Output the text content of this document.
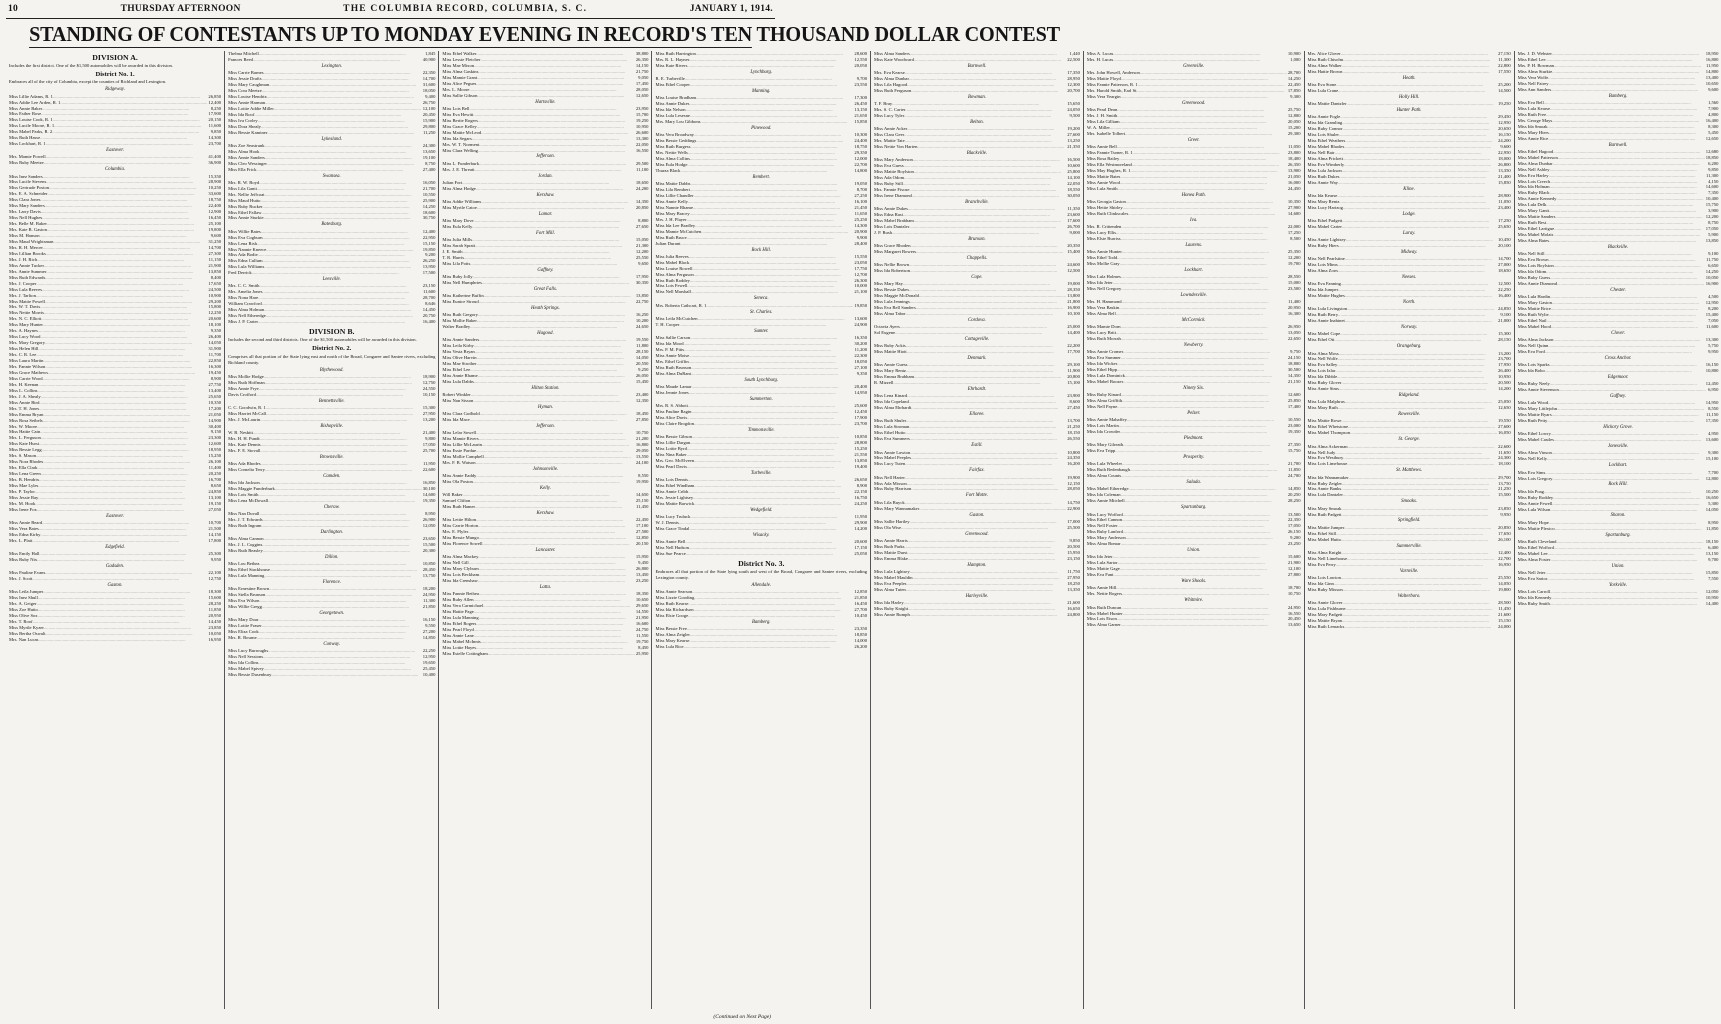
10	THURSDAY AFTERNOON	THE COLUMBIA RECORD, COLUMBIA, S. C.	JANUARY 1, 1914.
STANDING OF CONTESTANTS UP TO MONDAY EVENING IN RECORD'S TEN THOUSAND DOLLAR CONTEST
DIVISION A.
Includes the first district. One of the $1,500 automobiles will be awarded in this division.
District No. 1.
Embraces all of the city of Columbia, except the counties of Richland and Lexington.
Ridgeway.
Miss Lillie Adams, R. 1
.....	26,850
Miss Addie Lee Arden, R. 1
.....	12,400
Miss Annie Baker
.....	8,250
Miss Esther Rose
.....	17,900
Miss Louise Cook, R. 1
.....	20,150
Miss Lucile Moore, R. 1
.....	11,600
Miss Mabel Parks, R. 2
.....	9,850
Miss Ruth Hasse
.....	14,300
Miss Lockhart, R. 1
.....	23,700
Eastover.
Mrs. Mamie Powell
.....	41,400
Miss Ruby Meetze
.....	36,900
Columbia.
Miss Inez Sanders
.....	15,350
Miss Lucile Stevens
.....	28,900
Miss Gertrude Poston
.....	10,250
Mrs. E. A. Schneider
.....	33,600
Miss Clara Jones
.....	18,750
Miss Mary Sanders
.....	22,400
Mrs. Larry Davis
.....	12,900
Miss Nell Hughes
.....	16,450
Mrs. Belle M. Baker
.....	25,100
Mrs. Kate B. Gaston
.....	19,800
Miss M. Hanson
.....	9,600
Miss Maud Wrightsman
.....	31,250
Mrs. R. H. Mercer
.....	14,700
Miss Lillian Brooks
.....	27,300
Mrs. J. H. Rich
.....	11,150
Miss Annie Tucker
.....	21,900
Mrs. Annie Summer
.....	13,850
Miss Ruth Edwards
.....	8,400
Mrs. J. Cooper
.....	17,650
Miss Lula Reeves
.....	24,500
Mrs. J. Tarlton
.....	10,900
Miss Mattie Powell
.....	29,200
Mrs. W. T. Davis
.....	15,800
Miss Nettie Morris
.....	12,250
Mrs. N. C. Elliott
.....	20,600
Miss Mary Hunter
.....	18,100
Mrs. A. Haynes
.....	9,350
Miss Lucy Wood
.....	26,400
Mrs. Mary Gregory
.....	14,050
Miss Helen Hill
.....	31,900
Mrs. C. R. Lee
.....	11,700
Miss Laura Martin
.....	22,850
Mrs. Fannie Wilson
.....	16,300
Miss Grace Mathews
.....	19,450
Miss Carrie Wood
.....	8,900
Mrs. H. Keenan
.....	27,750
Miss L. Collins
.....	13,400
Mrs. J. A. Shealy
.....	25,650
Miss Annie Bird
.....	10,350
Mrs. T. H. Jones
.....	17,200
Miss Emma Bryan
.....	21,050
Miss Rosa Seibels
.....	14,900
Mrs. W. Moore
.....	30,400
Miss Hattie Cain
.....	9,150
Mrs. L. Ferguson
.....	23,300
Miss Kate Hurst
.....	12,600
Miss Bessie Legg
.....	18,950
Mrs. S. Mason
.....	15,250
Miss Nora Rhodes
.....	26,100
Mrs. Ella Clark
.....	11,400
Miss Lena Green
.....	20,250
Mrs. B. Hendrix
.....	16,700
Miss Mae Lyles
.....	8,650
Mrs. P. Taylor
.....	24,850
Miss Jessie Ray
.....	13,100
Mrs. M. Hook
.....	19,150
Miss Irene Fox
.....	27,050
Eastover.
Miss Annie Beard
.....	10,700
Miss Vera Bates
.....	21,500
Miss Edna Kirby
.....	14,150
Mrs. L. Platt
.....	17,800
Edgefield.
Miss Emily Hall
.....	25,300
Miss Ruby Nix
.....	9,950
Gadsden.
Miss Pauline Evans
.....	22,100
Mrs. J. Scott
.....	12,750
Gaston.
Miss Leila Jumper
.....	18,300
Miss Inez Shull
.....	15,600
Mrs. A. Geiger
.....	28,250
Miss Zoe Hutto
.....	11,850
Miss Olive Sox
.....	20,950
Mrs. T. Roof
.....	14,450
Miss Myrtle Kyzer
.....	23,850
Miss Bertha Oswalt
.....	10,050
Mrs. Nan Lucas
.....	16,950
Thelma Mitchell
.....	1,845
Frances Reed
.....	40,900
Lexington.
Miss Carrie Barnes
.....	22,350
Miss Jessie Drafts
.....	14,700
Miss Mary Caughman
.....	31,600
Miss Cora Meetze
.....	18,050
Miss Louise Hendrix
.....	9,400
Miss Annie Harman
.....	26,750
Miss Lottie Addie Miller
.....	12,100
Miss Ida Roof
.....	20,450
Miss Iva Corley
.....	15,900
Miss Dora Shealy
.....	29,800
Miss Bessie Kaminer
.....	11,250
Lykesland.
Miss Zoe Seastrunk
.....	24,300
Miss Alma Hook
.....	13,650
Miss Annie Sanders
.....	19,100
Miss Cleo Wessinger
.....	8,750
Miss Ella Frick
.....	27,400
Swansea.
Mrs. R. W. Boyd
.....	16,050
Miss Lila Gantt
.....	21,700
Mrs. Nellie Jeffcoat
.....	10,550
Miss Maud Hutto
.....	25,900
Miss Ruby Rucker
.....	14,250
Miss Ethel Fallaw
.....	18,600
Miss Annie Sturkie
.....	30,750
Batesburg.
Miss Willie Bates
.....	12,400
Miss Eva Cogburn
.....	22,950
Miss Lena Rish
.....	15,150
Miss Nannie Kneece
.....	19,850
Miss Ada Bodie
.....	9,200
Miss Edna Cullum
.....	26,250
Miss Lula Williams
.....	13,950
Fred Derrick
.....	17,500
Leesville.
Mrs. C. C. Smith
.....	23,150
Mrs. Amelia Jones
.....	11,600
Miss Nona Hare
.....	28,700
William Crawford
.....	8,646
Miss Alma Holman
.....	14,450
Miss Nell Etheredge
.....	20,750
Miss J. P. Carter
.....	16,400
DIVISION B.
Includes the second and third districts. One of the $1,500 automobiles will be awarded in this division.
District No. 2.
Comprises all that portion of the State lying east and north of the Broad, Congaree and Santee rivers, excluding Richland county.
Blythewood.
Miss Mollie Hodge
.....	18,900
Miss Ruth Hoffman
.....	12,750
Miss Annie Frye
.....	24,550
Davis Crofford
.....	10,150
Bennettsville.
C. C. Goodwin, R. 1
.....	15,300
Miss Harriet McCall
.....	27,950
Mrs. J. McLaurin
.....	13,200
Bishopville.
W. B. Nesbitt
.....	21,400
Mrs. H. H. Pundt
.....	9,800
Mrs. Kate Dennis
.....	17,050
Mrs. F. E. Stovall
.....	25,700
Brownsville.
Miss Ada Rhodes
.....	11,950
Miss Cornelia Terry
.....	22,600
Camden.
Miss Ida Jackson
.....	16,850
Miss Maggie Funderburk
.....	30,100
Miss Lois Smith
.....	14,600
Miss Lena McDowall
.....	19,350
Cheraw.
Miss Nan Duvall
.....	8,950
Mrs. J. T. Edwards
.....	26,900
Miss Ruth Ingram
.....	12,050
Darlington.
Miss Alma Cannon
.....	23,650
Mrs. J. L. Coggins
.....	15,500
Miss Ruth Beasley
.....	20,300
Dillon.
Miss Lou Bethea
.....	10,850
Miss Ethel Stackhouse
.....	28,450
Miss Lula Manning
.....	13,750
Florence.
Miss Ernestine Brown
.....	18,200
Miss Stella Brunson
.....	24,950
Miss Eva Wilson
.....	11,300
Miss Willie Gregg
.....	21,850
Georgetown.
Miss Mary Doar
.....	16,150
Miss Lottie Fraser
.....	9,550
Miss Eliza Cook
.....	27,200
Mrs. R. Bourne
.....	14,850
Conway.
Miss Lucy Burroughs
.....	22,250
Miss Nell Sessions
.....	12,950
Miss Ida Collins
.....	19,650
Miss Mabel Spivey
.....	25,450
Miss Bessie Dusenbury
.....	10,400
Miss Ethel Walker
.....	38,800
Miss Lessie Fletcher
.....	26,350
Miss Mae Mixon
.....	14,150
Miss Alma Gaskins
.....	21,750
Miss Mamie Grant
.....	9,050
Miss Alice Pegues
.....	17,450
Mrs. L. Moore
.....	28,050
Miss Sallie Gibson
.....	12,650
Hartsville.
Miss Lois Bell
.....	23,950
Miss Eva Hewitt
.....	15,700
Miss Bertie Rogers
.....	19,250
Miss Grace Kelley
.....	10,950
Miss Mattie McLeod
.....	26,600
Miss Ida Segars
.....	13,300
Mrs. W. T. Norment
.....	22,050
Miss Clara Welling
.....	16,550
Jefferson.
Miss L. Funderburk
.....	29,500
Mrs. J. E. Threatt
.....	11,100
Jordan.
Julian Fort
.....	18,650
Miss Alma Hodge
.....	24,200
Kershaw.
Miss Addie Williams
.....	14,350
Miss Myrtle Catoe
.....	20,850
Lamar.
Miss Mary Dove
.....	8,800
Miss Eula Kelly
.....	27,650
Fort Mill.
Miss Julia Mills
.....	15,050
Miss Sarah Spratt
.....	21,300
J. E. Smith
.....	12,200
T. R. Harris
.....	25,550
Miss Lila Potts
.....	9,650
Gaffney.
Miss Ruby Jolly
.....	17,950
Miss Nell Humphries
.....	30,350
Great Falls.
Miss Katherine Buffin
.....	13,850
Miss Eunice Stroud
.....	22,750
Heath Springs.
Miss Ruth Gregory
.....	16,250
Miss Mollie Baker
.....	10,200
Walter Bradley
.....	24,650
Hagood.
Miss Annie Sanders
.....	19,550
Miss Leila Kirby
.....	11,800
Miss Vesta Bryan
.....	28,150
Miss Olive Harvin
.....	14,050
Miss Mae Strother
.....	20,550
Miss Ethel Lee
.....	9,250
Miss Annie Rhame
.....	26,050
Miss Lula Dabbs
.....	15,450
Hilton Station.
Robert Winkler
.....	23,400
Miss Nan Sisson
.....	12,350
Hyman.
Miss Clara Godbold
.....	18,450
Miss Ida Mace
.....	27,850
Jefferson.
Miss Lelar Sowell
.....	10,750
Miss Mamie Rivers
.....	21,200
Miss Lillie McLaurin
.....	16,800
Miss Essie Pardue
.....	29,050
Miss Mollie Campbell
.....	13,550
Mrs. F. B. Watson
.....	24,100
Johnsonville.
Miss Annie Eaddy
.....	8,550
Miss Ola Poston
.....	19,950
Kelly.
Will Baker
.....	14,650
Samuel Clifton
.....	25,150
Miss Ruth Hamer
.....	11,450
Kershaw.
Miss Lettie Hilton
.....	22,450
Miss Carrie Horton
.....	17,100
Mrs. E. Plyler
.....	27,500
Miss Bessie Mungo
.....	12,850
Miss Florence Sowell
.....	20,150
Lancaster.
Miss Alma Mackey
.....	15,950
Miss Nell Gill
.....	9,450
Miss Mary Clyburn
.....	26,800
Miss Lois Beckham
.....	13,450
Miss Ida Crenshaw
.....	23,250
Latta.
Miss Fannie Bethea
.....	18,350
Miss Ruby Allen
.....	10,650
Miss Vera Carmichael
.....	29,650
Miss Hattie Page
.....	14,550
Miss Lula Manning
.....	21,950
Miss Ethel Rogers
.....	16,600
Miss Pearl Floyd
.....	24,750
Miss Annie Lane
.....	11,550
Miss Mabel McInnis
.....	19,750
Miss Lottie Hayes
.....	8,450
Miss Estelle Cottingham
.....	25,950
Miss Ruth Harrington
.....	28,600
Mrs. R. L. Haynes
.....	12,550
Miss Kate Rivers
.....	20,050
Lynchburg.
R. E. Turbeville
.....	9,700
Miss Ethel Cooper
.....	23,550
Manning.
Miss Louise Bradham
.....	17,300
Miss Annie Dukes
.....	26,450
Miss Ida Nelson
.....	13,150
Miss Lula Lesesne
.....	21,650
Mrs. Mary Lou Gibbons
.....	15,850
Pinewood.
Miss Vera Broadway
.....	10,300
Miss Bessie Geddings
.....	24,400
Miss Ruth Burgess
.....	18,750
Mrs. Nettie Wells
.....	29,350
Miss Alma Collins
.....	12,000
Miss Eula Hodge
.....	22,700
Thurza Black
.....	14,800
Rembert.
Miss Mattie Dabbs
.....	19,050
Miss Lila Rembert
.....	8,700
Miss Lillie Chandler
.....	27,250
Miss Annie Kelly
.....	16,100
Miss Nannie Rhame
.....	21,450
Miss Mary Bracey
.....	11,650
Mrs. J. H. Player
.....	25,250
Miss Ida Lee Bradley
.....	14,300
Miss Mamie McCutchen
.....	20,900
Miss Ruth Bruce
.....	9,900
Julian Durant
.....	28,400
Rock Hill.
Miss Julia Reeves
.....	15,550
Miss Mabel Black
.....	23,050
Miss Louise Rowell
.....	17,750
Miss Alma Ferguson
.....	12,700
Miss Ruth Roddey
.....	26,300
Miss Lois Fewell
.....	10,000
Miss Nell Marshall
.....	21,100
Seneca.
Mrs. Roberta Cathcart, R. 1
.....	19,850
St. Charles.
Miss Leila McCutchen
.....	13,600
T. H. Cooper
.....	24,900
Sumter.
Miss Sallie Carson
.....	16,350
Miss Ida Mood
.....	30,200
Mrs. P. M. Pitts
.....	11,200
Miss Annie Moise
.....	22,300
Mrs. Ethel Griffin
.....	18,050
Miss Ruth Brunson
.....	27,100
Miss Alma DuRant
.....	9,350
South Lynchburg.
Miss Maude Lamar
.....	20,400
Miss Jennie Jones
.....	14,950
Summerton.
Mrs. R. S. Abbott
.....	25,600
Miss Pauline Ragin
.....	12,450
Miss Alice Davis
.....	17,900
Miss Claire Brogdon
.....	23,700
Timmonsville.
Miss Bessie Gibson
.....	10,850
Miss Lillie Dargan
.....	28,800
Miss Lottie Byrd
.....	15,250
Miss Nina Baker
.....	21,550
Mrs. Geo. McElveen
.....	13,850
Miss Pearl Davis
.....	19,400
Turbeville.
Miss Lois Dennis
.....	26,650
Miss Ethel Windham
.....	8,900
Miss Annie Cribb
.....	22,150
Mrs. Jessie Lightsey
.....	16,750
Miss Mattie Barwick
.....	24,250
Wedgefield.
Miss Lucy Truluck
.....	11,950
W. J. Dennis
.....	29,900
Miss Grace Tindal
.....	14,200
Wisacky.
Miss Annie Bell
.....	20,600
Miss Nell Hudson
.....	17,150
Miss Sue Pearce
.....	25,050
District No. 3.
Embraces all that portion of the State lying south and west of the Broad, Congaree and Santee rivers, excluding Lexington county.
Allendale.
Miss Annie Searson
.....	12,850
Miss Lizzie Gooding
.....	21,850
Miss Ruth Kearse
.....	16,450
Miss Ida Richardson
.....	27,700
Miss Elsie Googe
.....	10,450
Bamberg.
Miss Bessie Free
.....	23,350
Miss Alma Zeigler
.....	18,850
Miss Mary Kearse
.....	14,000
Miss Lula Rice
.....	26,200
Miss Alma Sanders
.....	1,440
Miss Kate Woodward
.....	22,500
Barnwell.
Mrs. Eva Kearse
.....	17,350
Miss Alma Dunbar
.....	28,950
Miss Lila Hagood
.....	12,300
Miss Ruth Ferguson
.....	20,700
Bowman.
T. F. Bray
.....	15,650
Mrs. S. C. Carter
.....	24,050
Miss Lucy Tyler
.....	9,500
Belton.
Miss Annie Acker
.....	19,200
Miss Clara Geer
.....	27,600
Mrs. Mattie Tate
.....	13,250
Miss Nettie Von Harten
.....	21,350
Blackville.
Miss Mary Anderson
.....	16,500
Miss Eva Guess
.....	10,600
Miss Mattie Boylston
.....	25,800
Miss Ada Odom
.....	14,100
Miss Ruby Still
.....	22,050
Mrs. Fannie Fiscue
.....	18,550
Miss Irene Diamond
.....	30,050
Branchville.
Miss Annie Dukes
.....	11,350
Miss Edna Rast
.....	23,600
Miss Mabel Brabham
.....	17,600
Miss Lois Dantzler
.....	26,700
J. P. Rush
.....	9,000
Brunson.
Miss Grace Rhoden
.....	20,350
Miss Margaret Bowers
.....	15,400
Chappells.
Miss Nellie Brown
.....	24,600
Miss Ida Robertson
.....	12,500
Cope.
Miss Mary Hay
.....	19,000
Miss Bessie Dukes
.....	28,350
Miss Maggie McDonald
.....	13,800
Miss Lula Jennings
.....	21,800
Miss Eva Bell Sanders
.....	16,900
Miss Alma Tabor
.....	10,100
Cordova.
Octavia Ayers
.....	25,000
Sol Eugene
.....	14,400
Cottageville.
Miss Ruby Ackis
.....	22,200
Miss Mattie Hiott
.....	17,700
Denmark.
Miss Annie Guess
.....	29,100
Miss Mary Rentz
.....	11,900
Miss Emma Brabham
.....	20,800
R. Mizzell
.....	15,100
Ehrhardt.
Miss Lena Kinard
.....	23,900
Miss Ida Copeland
.....	8,600
Miss Alma Ehrhardt
.....	27,450
Elloree.
Miss Ruth Shuler
.....	13,700
Miss Lula Stroman
.....	21,250
Miss Ethel Hutto
.....	18,150
Miss Eva Summers
.....	26,550
Estill.
Miss Annie Lawton
.....	10,800
Miss Mabel Peeples
.....	24,350
Miss Lucy Tuten
.....	16,200
Fairfax.
Miss Nell Harter
.....	19,900
Miss Ada Mixson
.....	12,150
Miss Ruby Harrison
.....	28,050
Fort Motte.
Miss Lila Buyck
.....	14,750
Miss Mary Wannamaker
.....	22,900
Gaston.
Miss Sallie Hartley
.....	17,000
Miss Ola Wise
.....	25,500
Greenwood.
Miss Annie Harris
.....	9,850
Miss Ruth Parks
.....	20,500
Miss Mattie Durst
.....	15,950
Miss Emma Blake
.....	23,150
Hampton.
Miss Lula Lightsey
.....	11,750
Miss Mabel Mauldin
.....	27,950
Miss Eva Peeples
.....	18,250
Miss Alma Tuten
.....	13,350
Harleyville.
Miss Ida Harley
.....	21,600
Miss Ruby Knight
.....	16,650
Miss Annie Rumph
.....	24,800
Miss A. Lucas
.....	10,900
Mrs. H. Lucas
.....	1,000
Greenville.
Mrs. John Howell, Anderson
.....	28,700
Miss Mattie Floyd
.....	14,250
Miss Fannie Patterson, R. 1
.....	22,450
Mrs. Harold Smith, Earl St.
.....	17,850
Miss Vera Yeargin
.....	9,300
Greenwood.
Miss Pearl Dean
.....	25,750
Mrs. J. H. Smith
.....	12,800
Miss Lila Gilliam
.....	20,050
W. A. Miller
.....	15,200
Mrs. Isabelle Tolbert
.....	29,300
Greer.
Miss Annie Bell
.....	11,050
Miss Fannie Turner, R. 1
.....	23,800
Miss Rosa Bailey
.....	18,400
Miss Ella Westmoreland
.....	26,350
Miss May Hughes, R. 1
.....	13,900
Miss Mattie Bates
.....	21,050
Miss Annie Wood
.....	16,000
Miss Lula Smith
.....	24,450
Honea Path.
Miss Georgia Gaston
.....	10,350
Miss Hettie Shirley
.....	27,900
Miss Ruth Clinkscales
.....	14,600
Iva.
Mrs. R. Crittenden
.....	22,000
Miss Lucy Ellis
.....	17,250
Miss Elsie Burriss
.....	8,500
Laurens.
Miss Annie Hunter
.....	25,350
Miss Ethel Todd
.....	12,200
Miss Mollie Gray
.....	19,700
Lockhart.
Miss Lula Holmes
.....	28,550
Miss Ida Jeter
.....	15,000
Miss Nell Gregory
.....	23,500
Lowndesville.
Mrs. H. Hammond
.....	11,400
Miss Vera Baskin
.....	20,950
Miss Alma Bell
.....	16,300
McCormick.
Miss Mamie Dorn
.....	26,950
Miss Lucy Britt
.....	13,050
Miss Ruth Morrah
.....	22,650
Newberry.
Miss Annie Cromer
.....	9,750
Miss Eva Summer
.....	24,150
Miss Ida Wicker
.....	18,800
Miss Ethel Hipp
.....	30,500
Miss Lula Dominick
.....	14,350
Miss Mabel Boozer
.....	21,150
Ninety Six.
Miss Ruby Kinard
.....	12,600
Miss Alma Griffith
.....	25,850
Miss Nell Payne
.....	17,400
Pelzer.
Miss Annie Mahaffey
.....	10,550
Miss Lois Martin
.....	23,000
Miss Ida Crowder
.....	19,350
Piedmont.
Miss Mary Gilreath
.....	27,350
Miss Eva Tripp
.....	15,750
Prosperity.
Miss Lula Wheeler
.....	21,700
Miss Ruth Bedenbaugh
.....	11,850
Miss Alma Counts
.....	24,700
Saluda.
Miss Mabel Etheredge
.....	14,850
Miss Ida Coleman
.....	20,250
Miss Annie Mitchell
.....	28,250
Spartanburg.
Miss Lucy Wofford
.....	13,500
Miss Ethel Cannon
.....	22,350
Miss Nell Foster
.....	17,050
Miss Ruby Lanford
.....	26,150
Miss Mary Anderson
.....	9,200
Miss Alma Bomar
.....	23,250
Union.
Miss Ida Jeter
.....	15,600
Miss Lula Sartor
.....	21,900
Miss Mattie Gage
.....	12,100
Miss Eva Fant
.....	27,800
Ware Shoals.
Miss Annie Hill
.....	18,700
Mrs. Nettie Rogers
.....	10,750
Whitmire.
Miss Ruth Duncan
.....	24,950
Miss Mabel Hunter
.....	16,550
Miss Lois Eison
.....	20,450
Miss Alma Garner
.....	13,650
Mrs. Alice Glover
.....	27,150
Miss Ruth Chisolm
.....	11,300
Miss Alma Walker
.....	22,800
Miss Hattie Brown
.....	17,550
Heath.
Miss Eva Stone
.....	25,200
Miss Lula Crane
.....	14,500
Holly Hill.
Miss Mattie Dantzler
.....	19,250
Hunter Path.
Miss Annie Fogle
.....	29,450
Miss Ida Gramling
.....	12,950
Miss Ruby Connor
.....	20,650
Miss Lois Shuler
.....	16,150
Miss Ethel Weathers
.....	24,200
Miss Mabel Rhodes
.....	9,600
Miss Nell Bair
.....	22,950
Miss Alma Prickett
.....	18,000
Miss Eva Wimberly
.....	26,800
Miss Lula Jackson
.....	13,350
Miss Ruth Dukes
.....	21,400
Miss Annie Way
.....	15,850
Kline.
Miss Ida Kearse
.....	28,900
Miss Mary Rentz
.....	11,050
Miss Lucy Hartzog
.....	23,400
Lodge.
Miss Ethel Padgett
.....	17,250
Miss Mabel Carter
.....	25,650
Luray.
Miss Annie Lightsey
.....	10,450
Miss Ruby Hiers
.....	20,100
Midway.
Miss Nell Pearlstine
.....	14,700
Miss Lois Mims
.....	27,000
Miss Alma Zorn
.....	18,650
Neeses.
Miss Eva Fanning
.....	12,500
Miss Ida Jumper
.....	22,250
Miss Mattie Hughes
.....	16,400
North.
Miss Lula Livingston
.....	24,850
Miss Ruth Berry
.....	9,100
Miss Annie Inabinet
.....	21,000
Norway.
Miss Mabel Cope
.....	15,300
Miss Ethel Ott
.....	28,150
Orangeburg.
Miss Alma Moss
.....	13,200
Miss Nell Wolfe
.....	23,700
Miss Eva Salley
.....	17,950
Miss Lois Izlar
.....	26,400
Miss Ida Dibble
.....	10,950
Miss Ruby Glover
.....	20,500
Miss Annie Sims
.....	14,200
Ridgeland.
Miss Lula Malphrus
.....	25,050
Miss Mary Ruth
.....	12,650
Rowesville.
Miss Mattie Rowe
.....	19,550
Miss Ethel Whetstone
.....	27,600
Miss Mabel Thompson
.....	16,050
St. George.
Miss Alma Ackerman
.....	22,600
Miss Nell Judy
.....	11,650
Miss Eva Westbury
.....	24,300
Miss Lois Limehouse
.....	18,100
St. Matthews.
Miss Ida Wannamaker
.....	29,700
Miss Ruby Zeigler
.....	13,750
Miss Annie Banks
.....	21,250
Miss Lula Dantzler
.....	15,500
Smoaks.
Miss Mary Smoak
.....	23,850
Miss Ruth Padgett
.....	9,950
Springfield.
Miss Mattie Jumper
.....	20,850
Miss Ethel Still
.....	17,650
Miss Mabel Hutto
.....	26,100
Summerville.
Miss Alma Knight
.....	12,400
Miss Nell Limehouse
.....	22,700
Miss Eva Perry
.....	16,950
Varnville.
Miss Lois Lawton
.....	25,550
Miss Ida Ginn
.....	14,050
Miss Ruby Mixson
.....	19,800
Walterboro.
Miss Annie Glover
.....	28,500
Miss Lula Fishburne
.....	11,450
Miss Mary Padgett
.....	21,600
Miss Mattie Bryan
.....	15,150
Miss Ruth Lemacks
.....	24,000
Mrs. J. D. Webster
.....	18,950
Miss Ethel Lee
.....	16,800
Mrs. P. H. Bowman
.....	11,950
Miss Alma Sturkie
.....	14,800
Miss Vera Wolfe
.....	13,400
Miss Nell Fairey
.....	10,650
Miss Ann Sanders
.....	9,600
Bamberg.
Miss Eva Bell
.....	1,560
Miss Lula Kearse
.....	7,900
Miss Ruth Free
.....	4,800
Mrs. George Mays
.....	16,400
Miss Ida Smoak
.....	8,300
Miss Mary Hiers
.....	5,450
Miss Annie Rice
.....	12,650
Barnwell.
Miss Ethel Hagood
.....	12,680
Miss Mabel Patterson
.....	18,850
Miss Alma Dunbar
.....	6,200
Miss Nell Ashley
.....	9,850
Miss Eva Harley
.....	11,300
Miss Lois Creech
.....	4,150
Miss Ida Holman
.....	14,600
Miss Ruby Black
.....	7,350
Miss Annie Kennedy
.....	10,400
Miss Lula Delk
.....	15,750
Miss Mary Gantt
.....	3,900
Miss Mattie Sanders
.....	12,200
Miss Ruth Best
.....	8,750
Miss Ethel Lartigue
.....	17,050
Miss Mabel Molair
.....	5,900
Miss Alma Bates
.....	13,850
Blackville.
Miss Nell Still
.....	9,100
Miss Eva Brown
.....	11,750
Miss Lois Boylston
.....	6,650
Miss Ida Odom
.....	14,250
Miss Ruby Guess
.....	10,050
Miss Annie Diamond
.....	16,900
Chester.
Miss Lula Hardin
.....	4,500
Miss Mary Gaston
.....	12,950
Miss Mattie Brice
.....	8,200
Miss Ruth Wylie
.....	15,400
Miss Ethel Nail
.....	7,050
Miss Mabel Hood
.....	11,600
Clover.
Miss Alma Jackson
.....	13,300
Miss Nell Quinn
.....	5,750
Miss Eva Ford
.....	9,950
Cross Anchor.
Miss Lois Sparks
.....	16,150
Miss Ida Bobo
.....	10,800
Edgemoor.
Miss Ruby Neely
.....	12,450
Miss Annie Stevenson
.....	6,950
Gaffney.
Miss Lula Wood
.....	14,950
Miss Mary Littlejohn
.....	8,550
Miss Mattie Byars
.....	11,150
Miss Ruth Petty
.....	17,350
Hickory Grove.
Miss Ethel Lowry
.....	4,950
Miss Mabel Castles
.....	13,600
Jonesville.
Miss Alma Vinson
.....	9,300
Miss Nell Kelly
.....	15,100
Lockhart.
Miss Eva Sims
.....	7,700
Miss Lois Gregory
.....	12,800
Rock Hill.
Miss Ida Poag
.....	10,250
Miss Ruby Roddey
.....	16,650
Miss Annie Fewell
.....	5,300
Miss Lula Wilson
.....	14,050
Sharon.
Miss Mary Hope
.....	8,950
Miss Mattie Plexico
.....	11,850
Spartanburg.
Miss Ruth Cleveland
.....	18,150
Miss Ethel Wofford
.....	6,400
Miss Mabel Lee
.....	13,150
Miss Alma Foster
.....	9,700
Union.
Miss Nell Jeter
.....	15,850
Miss Eva Sartor
.....	7,550
Yorkville.
Miss Lois Carroll
.....	12,050
Miss Ida Kennedy
.....	10,950
Miss Ruby Smith
.....	14,400
(Continued on Next Page)
